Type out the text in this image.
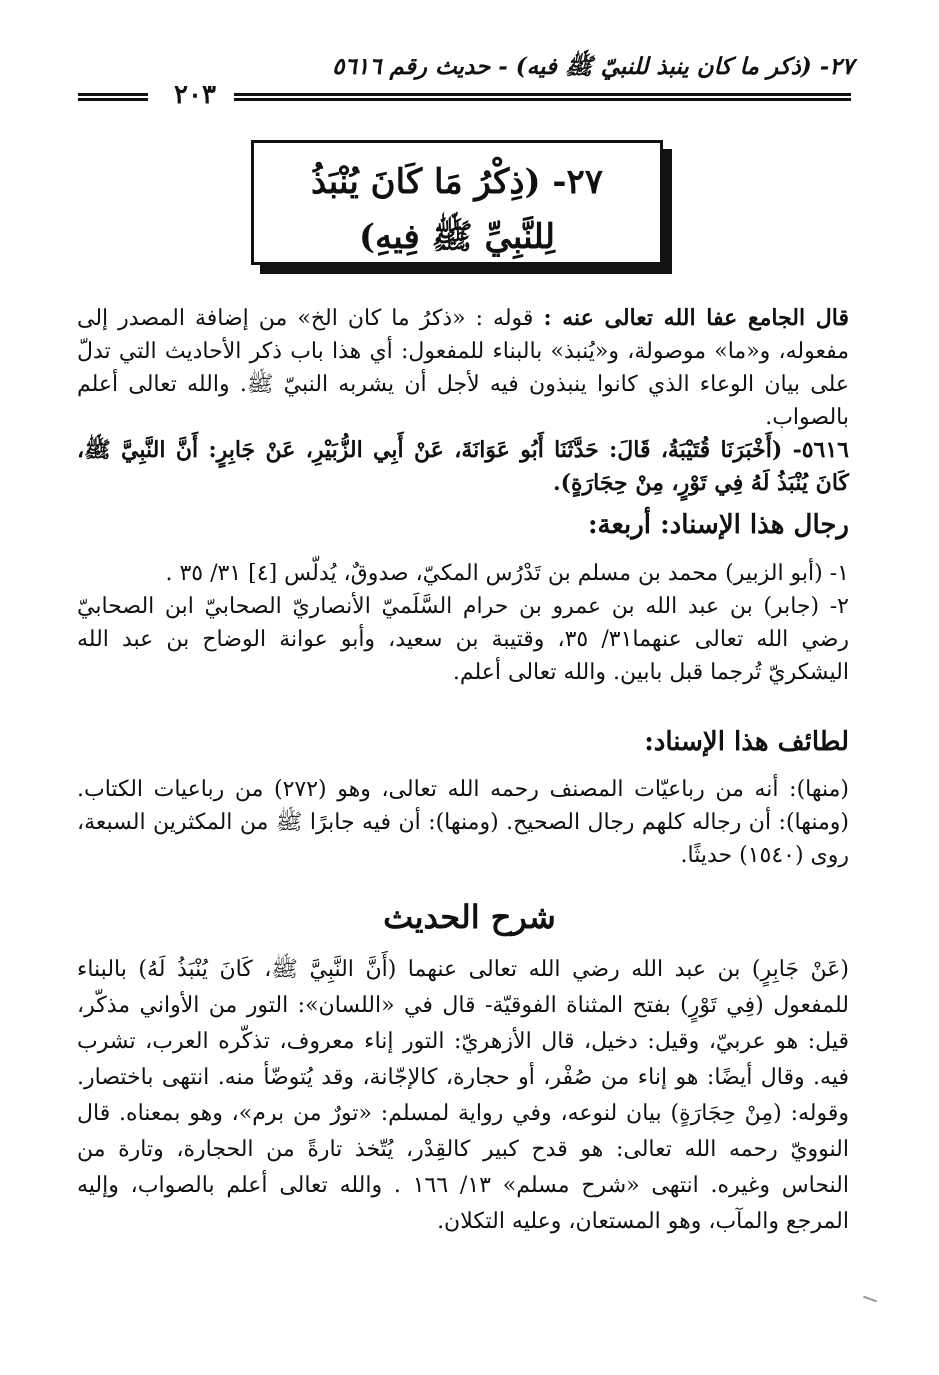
٢٧- (ذكر ما كان ينبذ للنبيّ ﷺ فيه) - حديث رقم ٥٦١٦
٢٠٣
٢٧- (ذِكْرُ مَا كَانَ يُنْبَذُ لِلنَّبِيِّ ﷺ فِيهِ)

قال الجامع عفا الله تعالى عنه : قوله : «ذكرُ ما كان الخ» من إضافة المصدر إلى مفعوله، و«ما» موصولة، و«يُنبذ» بالبناء للمفعول: أي هذا باب ذكر الأحاديث التي تدلّ على بيان الوعاء الذي كانوا ينبذون فيه لأجل أن يشربه النبيّ ﷺ. والله تعالى أعلم بالصواب.

٥٦١٦- (أَخْبَرَنَا قُتَيْبَةُ، قَالَ: حَدَّثَنَا أَبُو عَوَانَةَ، عَنْ أَبِي الزُّبَيْرِ، عَنْ جَابِرٍ: أَنَّ النَّبِيَّ ﷺ، كَانَ يُنْبَذُ لَهُ فِي تَوْرٍ، مِنْ حِجَارَةٍ).
رجال هذا الإسناد: أربعة:

١- (أبو الزبير) محمد بن مسلم بن تَدْرُس المكيّ، صدوقٌ، يُدلّس [٤] ٣١/ ٣٥ .

٢- (جابر) بن عبد الله بن عمرو بن حرام السَّلَميّ الأنصاريّ الصحابيّ ابن الصحابيّ رضي الله تعالى عنهما٣١/ ٣٥، وقتيبة بن سعيد، وأبو عوانة الوضاح بن عبد الله اليشكريّ تُرجما قبل بابين. والله تعالى أعلم.

لطائف هذا الإسناد:
(منها): أنه من رباعيّات المصنف رحمه الله تعالى، وهو (٢٧٢) من رباعيات الكتاب. (ومنها): أن رجاله كلهم رجال الصحيح. (ومنها): أن فيه جابرًا ﷺ من المكثرين السبعة، روى (١٥٤٠) حديثًا.
شرح الحديث
(عَنْ جَابِرٍ) بن عبد الله رضي الله تعالى عنهما (أَنَّ النَّبِيَّ ﷺ، كَانَ يُنْبَذُ لَهُ) بالبناء للمفعول (فِي تَوْرٍ) بفتح المثناة الفوقيّة- قال في «اللسان»: التور من الأواني مذكّر، قيل: هو عربيّ، وقيل: دخيل، قال الأزهريّ: التور إناء معروف، تذكّره العرب، تشرب فيه. وقال أيضًا: هو إناء من صُفْر، أو حجارة، كالإجّانة، وقد يُتوضّأ منه. انتهى باختصار. وقوله: (مِنْ حِجَارَةٍ) بيان لنوعه، وفي رواية لمسلم: «تورٌ من برم»، وهو بمعناه. قال النوويّ رحمه الله تعالى: هو قدح كبير كالقِدْر، يُتّخذ تارةً من الحجارة، وتارة من النحاس وغيره. انتهى «شرح مسلم» ١٣/ ١٦٦ . والله تعالى أعلم بالصواب، وإليه المرجع والمآب، وهو المستعان، وعليه التكلان.
